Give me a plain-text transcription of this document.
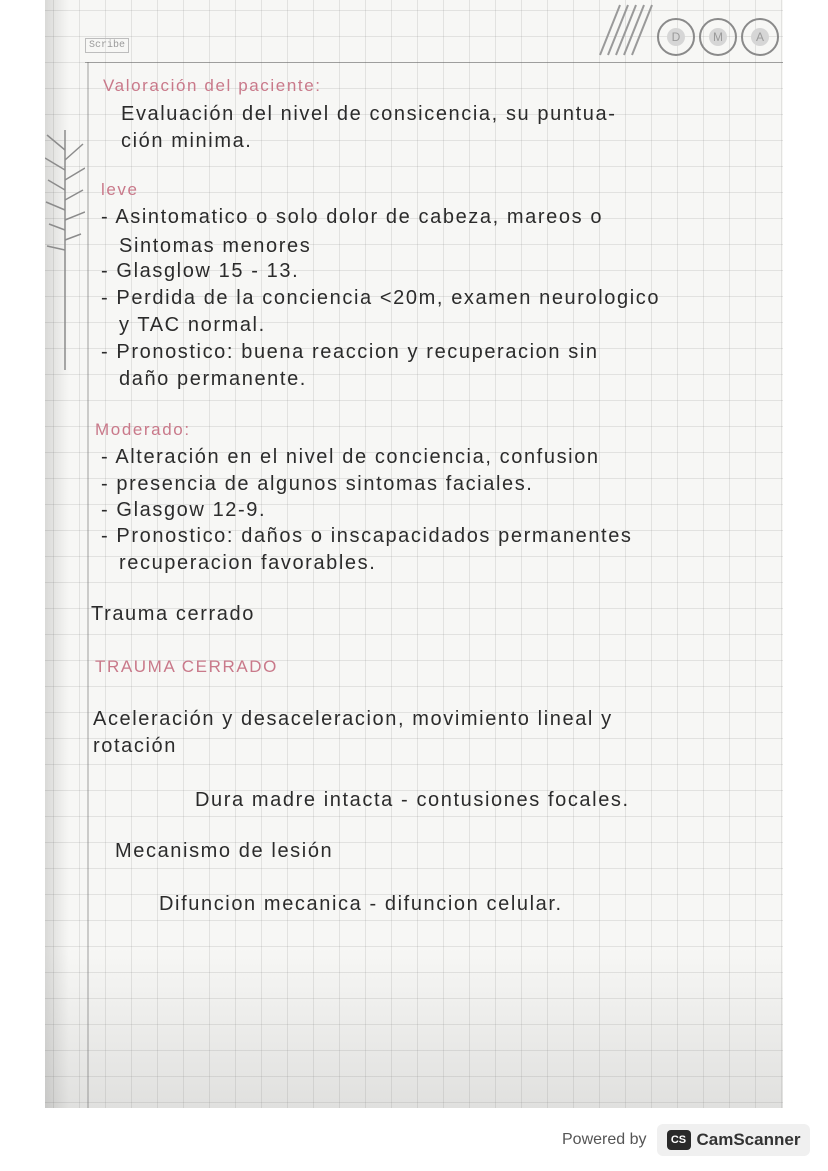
D	M	A
Scribe
Valoración del paciente:
Evaluación del nivel de consicencia, su puntua-
ción minima.
leve
- Asintomatico o solo dolor de cabeza, mareos o
Sintomas menores
- Glasglow 15 - 13.
- Perdida de la conciencia <20m, examen neurologico
y TAC normal.
- Pronostico: buena reaccion y recuperacion sin
daño permanente.
Moderado:
- Alteración en el nivel de conciencia, confusion
- presencia de algunos sintomas faciales.
- Glasgow 12-9.
- Pronostico: daños o inscapacidados permanentes
recuperacion favorables.
Trauma cerrado
TRAUMA CERRADO
Aceleración y desaceleracion, movimiento lineal y
rotación
Dura madre intacta - contusiones focales.
Mecanismo de lesión
Difuncion mecanica - difuncion celular.
Powered by	CS CamScanner
